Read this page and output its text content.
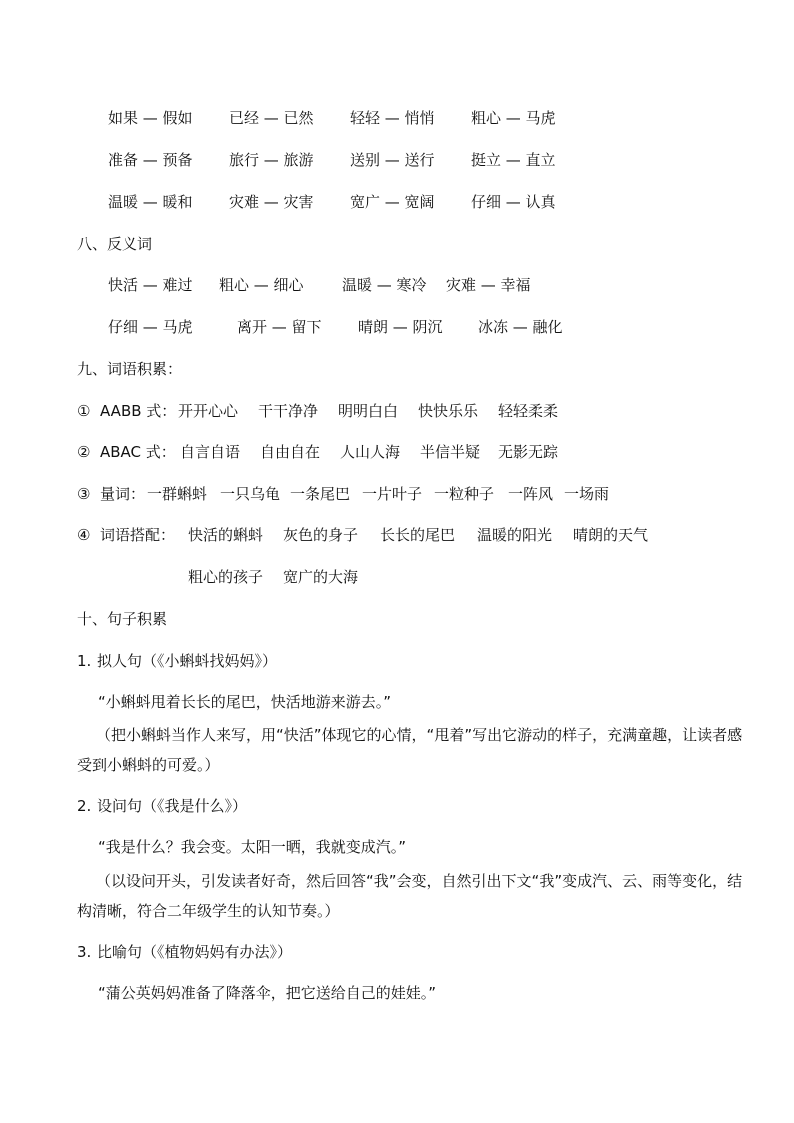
如果 — 假如 已经 — 已然 轻轻 — 悄悄 粗心 — 马虎
准备 — 预备 旅行 — 旅游 送别 — 送行 挺立 — 直立
温暖 — 暖和 灾难 — 灾害 宽广 — 宽阔 仔细 — 认真
八、反义词
快活 — 难过 粗心 — 细心	温暖 — 寒冷 灾难 — 幸福
仔细 — 马虎	离开 — 留下 晴朗 — 阴沉 冰冻 — 融化
九、词语积累：
① AABB 式： 开开心心 干干净净 明明白白 快快乐乐 轻轻柔柔
② ABAC 式： 自言自语 自由自在 人山人海 半信半疑 无影无踪
③ 量词： 一群蝌蚪 一只乌龟 一条尾巴 一片叶子 一粒种子 一阵风 一场雨
④ 词语搭配： 快活的蝌蚪 灰色的身子 长长的尾巴 温暖的阳光 晴朗的天气
粗心的孩子 宽广的大海
十、句子积累
1. 拟人句（《小蝌蚪找妈妈》）
“小蝌蚪甩着长长的尾巴，快活地游来游去。”
（把小蝌蚪当作人来写，用“快活”体现它的心情，“甩着”写出它游动的样子，充满童趣，让读者感受到小蝌蚪的可爱。）
2. 设问句（《我是什么》）
“我是什么？我会变。太阳一晒，我就变成汽。”
（以设问开头，引发读者好奇，然后回答“我”会变，自然引出下文“我”变成汽、云、雨等变化，结构清晰，符合二年级学生的认知节奏。）
3. 比喻句（《植物妈妈有办法》）
“蒲公英妈妈准备了降落伞，把它送给自己的娃娃。”
